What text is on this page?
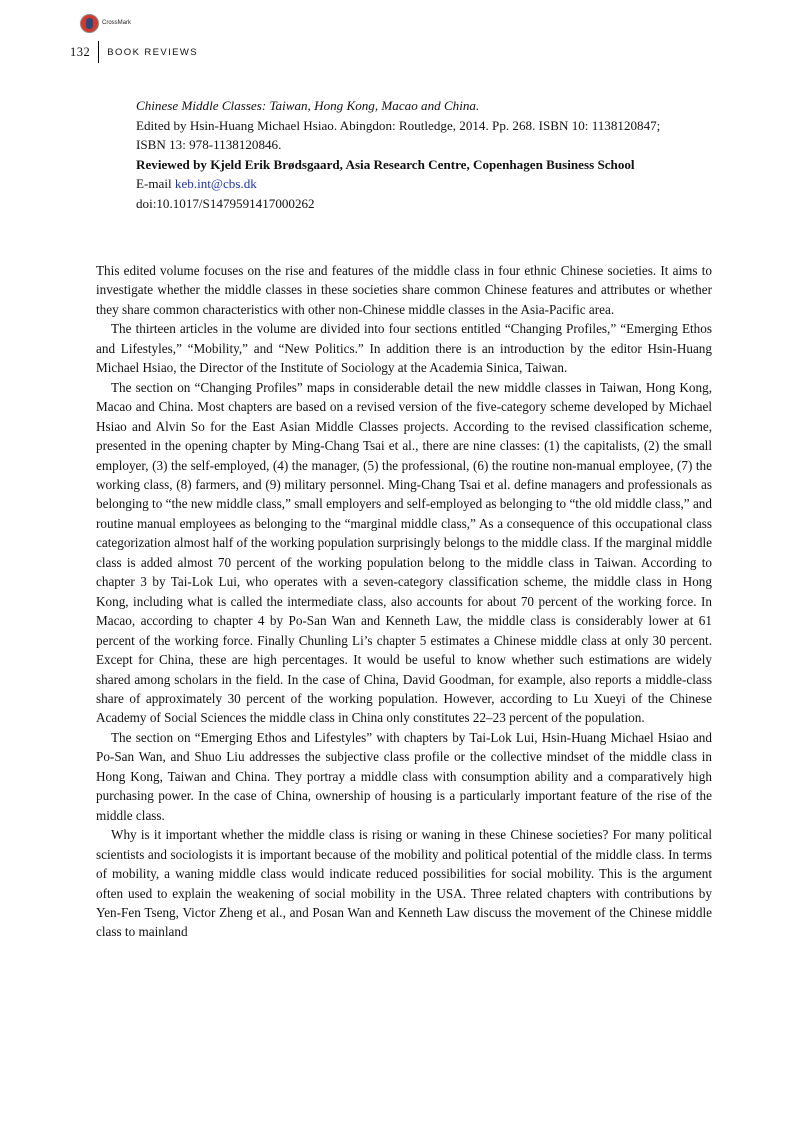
CrossMark
132 BOOK REVIEWS
Chinese Middle Classes: Taiwan, Hong Kong, Macao and China.
Edited by Hsin-Huang Michael Hsiao. Abingdon: Routledge, 2014. Pp. 268. ISBN 10: 1138120847;
ISBN 13: 978-1138120846.
Reviewed by Kjeld Erik Brødsgaard, Asia Research Centre, Copenhagen Business School
E-mail keb.int@cbs.dk
doi:10.1017/S1479591417000262

This edited volume focuses on the rise and features of the middle class in four ethnic Chinese societies. It aims to investigate whether the middle classes in these societies share common Chinese features and attributes or whether they share common characteristics with other non-Chinese middle classes in the Asia-Pacific area.

The thirteen articles in the volume are divided into four sections entitled “Changing Profiles,” “Emerging Ethos and Lifestyles,” “Mobility,” and “New Politics.” In addition there is an introduction by the editor Hsin-Huang Michael Hsiao, the Director of the Institute of Sociology at the Academia Sinica, Taiwan.

The section on “Changing Profiles” maps in considerable detail the new middle classes in Taiwan, Hong Kong, Macao and China. Most chapters are based on a revised version of the five-category scheme developed by Michael Hsiao and Alvin So for the East Asian Middle Classes projects. According to the revised classification scheme, presented in the opening chapter by Ming-Chang Tsai et al., there are nine classes: (1) the capitalists, (2) the small employer, (3) the self-employed, (4) the manager, (5) the professional, (6) the routine non-manual employee, (7) the working class, (8) farmers, and (9) military personnel. Ming-Chang Tsai et al. define managers and professionals as belonging to “the new middle class,” small employers and self-employed as belonging to “the old middle class,” and routine manual employees as belonging to the “marginal middle class,” As a consequence of this occupational class categorization almost half of the working population surprisingly belongs to the middle class. If the marginal middle class is added almost 70 percent of the working population belong to the middle class in Taiwan. According to chapter 3 by Tai-Lok Lui, who operates with a seven-category classification scheme, the middle class in Hong Kong, including what is called the intermediate class, also accounts for about 70 percent of the working force. In Macao, according to chapter 4 by Po-San Wan and Kenneth Law, the middle class is considerably lower at 61 percent of the working force. Finally Chunling Li’s chapter 5 estimates a Chinese middle class at only 30 percent. Except for China, these are high percentages. It would be useful to know whether such estimations are widely shared among scholars in the field. In the case of China, David Goodman, for example, also reports a middle-class share of approximately 30 percent of the working population. However, according to Lu Xueyi of the Chinese Academy of Social Sciences the middle class in China only constitutes 22–23 percent of the population.

The section on “Emerging Ethos and Lifestyles” with chapters by Tai-Lok Lui, Hsin-Huang Michael Hsiao and Po-San Wan, and Shuo Liu addresses the subjective class profile or the collective mindset of the middle class in Hong Kong, Taiwan and China. They portray a middle class with consumption ability and a comparatively high purchasing power. In the case of China, ownership of housing is a particularly important feature of the rise of the middle class.

Why is it important whether the middle class is rising or waning in these Chinese societies? For many political scientists and sociologists it is important because of the mobility and political potential of the middle class. In terms of mobility, a waning middle class would indicate reduced possibilities for social mobility. This is the argument often used to explain the weakening of social mobility in the USA. Three related chapters with contributions by Yen-Fen Tseng, Victor Zheng et al., and Posan Wan and Kenneth Law discuss the movement of the Chinese middle class to mainland
